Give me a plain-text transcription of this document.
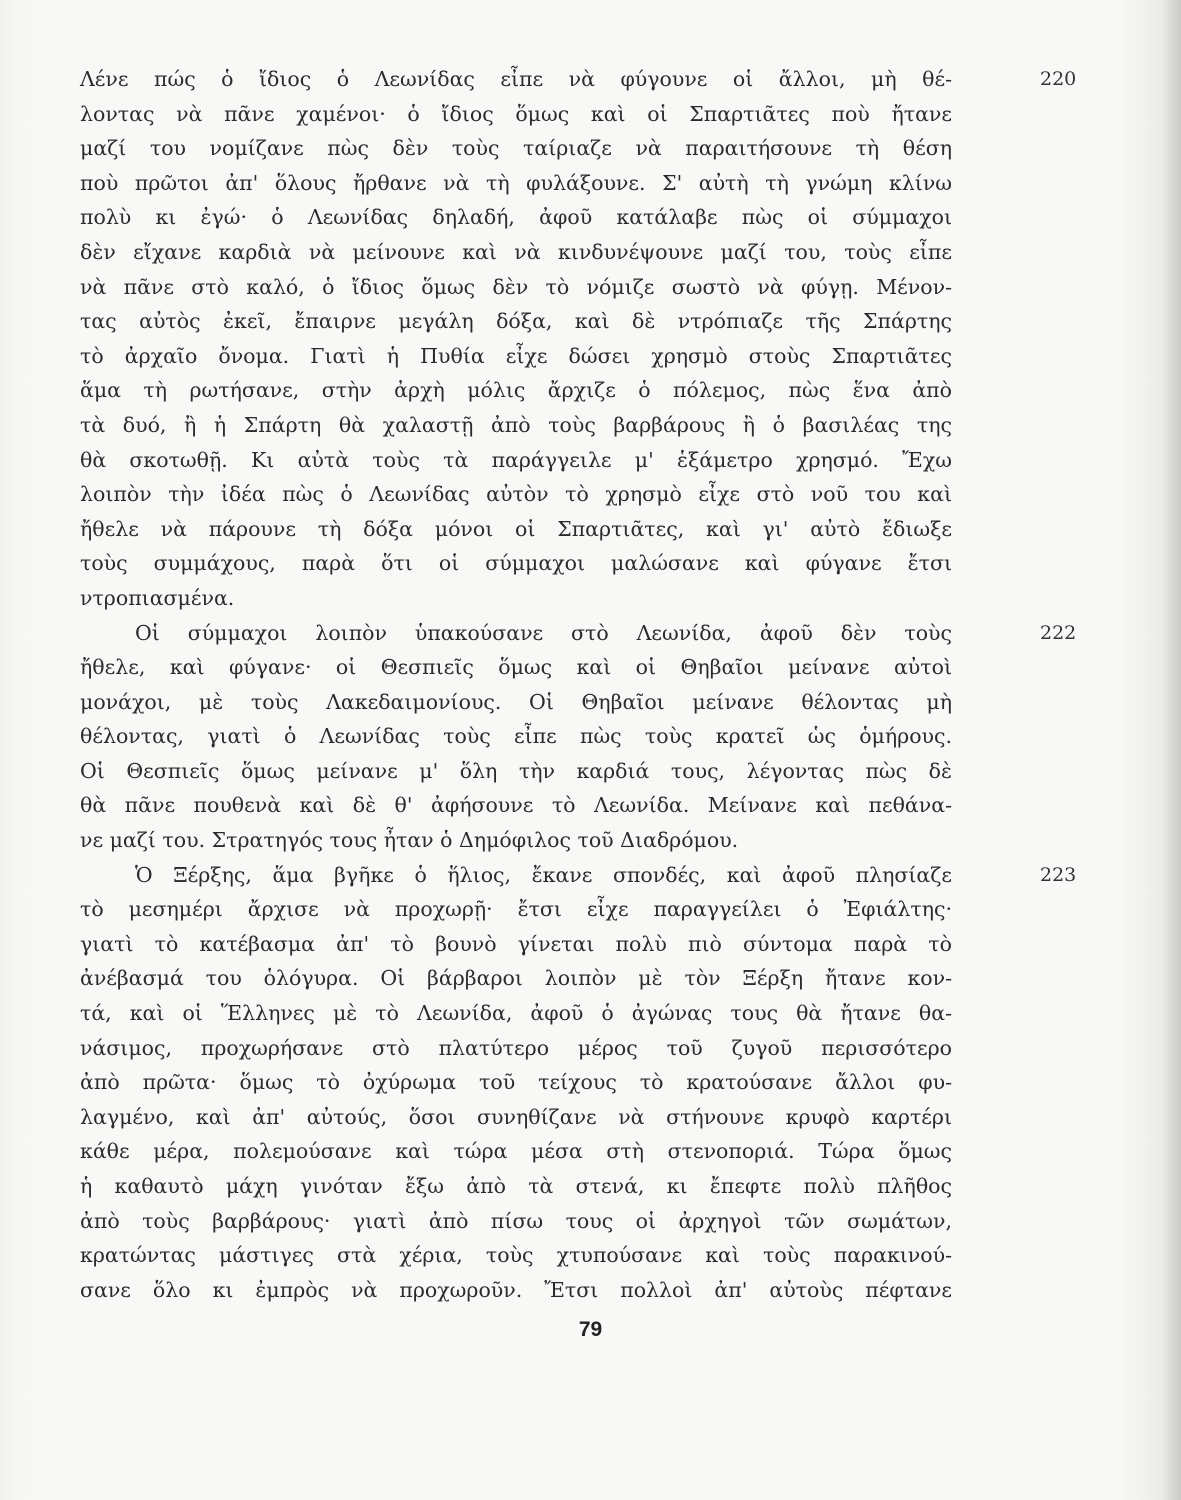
Λένε πώς ὁ ἴδιος ὁ Λεωνίδας εἶπε νὰ φύγουνε οἱ ἄλλοι, μὴ θέ-
λοντας νὰ πᾶνε χαμένοι· ὁ ἴδιος ὅμως καὶ οἱ Σπαρτιᾶτες ποὺ ἤτανε
μαζί του νομίζανε πὼς δὲν τοὺς ταίριαζε νὰ παραιτήσουνε τὴ θέση
ποὺ πρῶτοι ἀπ' ὅλους ἤρθανε νὰ τὴ φυλάξουνε. Σ' αὐτὴ τὴ γνώμη κλίνω
πολὺ κι ἐγώ· ὁ Λεωνίδας δηλαδή, ἀφοῦ κατάλαβε πὼς οἱ σύμμαχοι
δὲν εἴχανε καρδιὰ νὰ μείνουνε καὶ νὰ κινδυνέψουνε μαζί του, τοὺς εἶπε
νὰ πᾶνε στὸ καλό, ὁ ἴδιος ὅμως δὲν τὸ νόμιζε σωστὸ νὰ φύγῃ. Μένον-
τας αὐτὸς ἐκεῖ, ἔπαιρνε μεγάλη δόξα, καὶ δὲ ντρόπιαζε τῆς Σπάρτης
τὸ ἀρχαῖο ὄνομα. Γιατὶ ἡ Πυθία εἶχε δώσει χρησμὸ στοὺς Σπαρτιᾶτες
ἅμα τὴ ρωτήσανε, στὴν ἀρχὴ μόλις ἄρχιζε ὁ πόλεμος, πὼς ἕνα ἀπὸ
τὰ δυό, ἢ ἡ Σπάρτη θὰ χαλαστῇ ἀπὸ τοὺς βαρβάρους ἢ ὁ βασιλέας της
θὰ σκοτωθῇ. Κι αὐτὰ τοὺς τὰ παράγγειλε μ' ἑξάμετρο χρησμό. Ἔχω
λοιπὸν τὴν ἰδέα πὼς ὁ Λεωνίδας αὐτὸν τὸ χρησμὸ εἶχε στὸ νοῦ του καὶ
ἤθελε νὰ πάρουνε τὴ δόξα μόνοι οἱ Σπαρτιᾶτες, καὶ γι' αὐτὸ ἔδιωξε
τοὺς συμμάχους, παρὰ ὅτι οἱ σύμμαχοι μαλώσανε καὶ φύγανε ἔτσι
ντροπιασμένα.
Οἱ σύμμαχοι λοιπὸν ὑπακούσανε στὸ Λεωνίδα, ἀφοῦ δὲν τοὺς
ἤθελε, καὶ φύγανε· οἱ Θεσπιεῖς ὅμως καὶ οἱ Θηβαῖοι μείνανε αὐτοὶ
μονάχοι, μὲ τοὺς Λακεδαιμονίους. Οἱ Θηβαῖοι μείνανε θέλοντας μὴ
θέλοντας, γιατὶ ὁ Λεωνίδας τοὺς εἶπε πὼς τοὺς κρατεῖ ὡς ὁμήρους.
Οἱ Θεσπιεῖς ὅμως μείνανε μ' ὅλη τὴν καρδιά τους, λέγοντας πὼς δὲ
θὰ πᾶνε πουθενὰ καὶ δὲ θ' ἀφήσουνε τὸ Λεωνίδα. Μείνανε καὶ πεθάνα-
νε μαζί του. Στρατηγός τους ἦταν ὁ Δημόφιλος τοῦ Διαδρόμου.
Ὁ Ξέρξης, ἅμα βγῆκε ὁ ἥλιος, ἔκανε σπονδές, καὶ ἀφοῦ πλησίαζε
τὸ μεσημέρι ἄρχισε νὰ προχωρῇ· ἔτσι εἶχε παραγγείλει ὁ Ἐφιάλτης·
γιατὶ τὸ κατέβασμα ἀπ' τὸ βουνὸ γίνεται πολὺ πιὸ σύντομα παρὰ τὸ
ἀνέβασμά του ὁλόγυρα. Οἱ βάρβαροι λοιπὸν μὲ τὸν Ξέρξη ἤτανε κον-
τά, καὶ οἱ Ἕλληνες μὲ τὸ Λεωνίδα, ἀφοῦ ὁ ἀγώνας τους θὰ ἤτανε θα-
νάσιμος, προχωρήσανε στὸ πλατύτερο μέρος τοῦ ζυγοῦ περισσότερο
ἀπὸ πρῶτα· ὅμως τὸ ὀχύρωμα τοῦ τείχους τὸ κρατούσανε ἄλλοι φυ-
λαγμένο, καὶ ἀπ' αὐτούς, ὅσοι συνηθίζανε νὰ στήνουνε κρυφὸ καρτέρι
κάθε μέρα, πολεμούσανε καὶ τώρα μέσα στὴ στενοποριά. Τώρα ὅμως
ἡ καθαυτὸ μάχη γινόταν ἔξω ἀπὸ τὰ στενά, κι ἔπεφτε πολὺ πλῆθος
ἀπὸ τοὺς βαρβάρους· γιατὶ ἀπὸ πίσω τους οἱ ἀρχηγοὶ τῶν σωμάτων,
κρατώντας μάστιγες στὰ χέρια, τοὺς χτυπούσανε καὶ τοὺς παρακινού-
σανε ὅλο κι ἐμπρὸς νὰ προχωροῦν. Ἔτσι πολλοὶ ἀπ' αὐτοὺς πέφτανε
220
222
223
79
